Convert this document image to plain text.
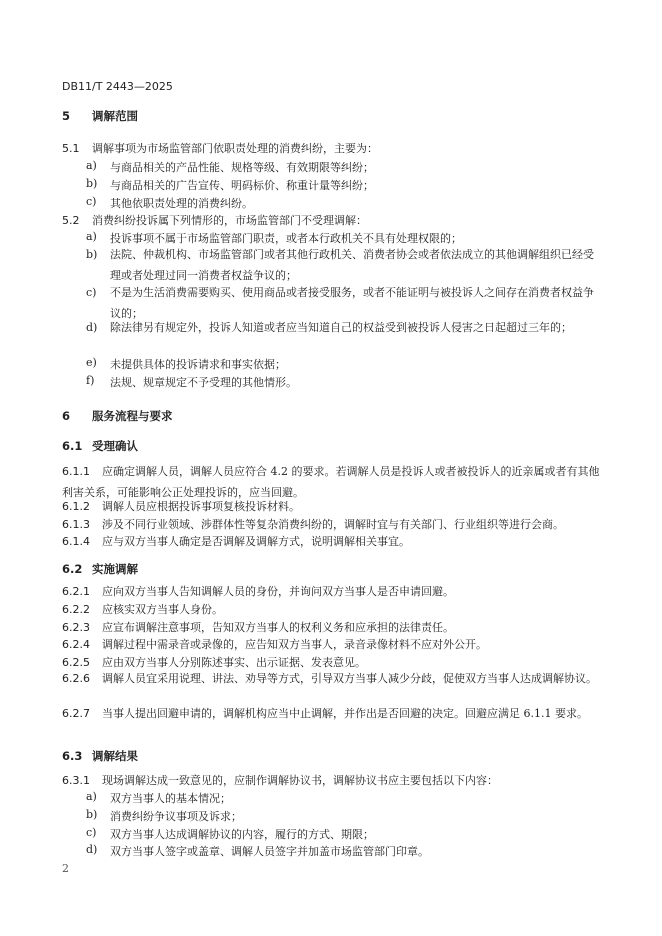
DB11/T 2443—2025
5 调解范围
5.1 调解事项为市场监管部门依职责处理的消费纠纷，主要为：
a) 与商品相关的产品性能、规格等级、有效期限等纠纷；
b) 与商品相关的广告宣传、明码标价、称重计量等纠纷；
c) 其他依职责处理的消费纠纷。
5.2 消费纠纷投诉属下列情形的，市场监管部门不受理调解：
a) 投诉事项不属于市场监管部门职责，或者本行政机关不具有处理权限的；
b) 法院、仲裁机构、市场监管部门或者其他行政机关、消费者协会或者依法成立的其他调解组织已经受理或者处理过同一消费者权益争议的；
c) 不是为生活消费需要购买、使用商品或者接受服务，或者不能证明与被投诉人之间存在消费者权益争议的；
d) 除法律另有规定外，投诉人知道或者应当知道自己的权益受到被投诉人侵害之日起超过三年的；
e) 未提供具体的投诉请求和事实依据；
f) 法规、规章规定不予受理的其他情形。
6 服务流程与要求
6.1 受理确认
6.1.1 应确定调解人员，调解人员应符合 4.2 的要求。若调解人员是投诉人或者被投诉人的近亲属或者有其他利害关系，可能影响公正处理投诉的，应当回避。
6.1.2 调解人员应根据投诉事项复核投诉材料。
6.1.3 涉及不同行业领域、涉群体性等复杂消费纠纷的，调解时宜与有关部门、行业组织等进行会商。
6.1.4 应与双方当事人确定是否调解及调解方式，说明调解相关事宜。
6.2 实施调解
6.2.1 应向双方当事人告知调解人员的身份，并询问双方当事人是否申请回避。
6.2.2 应核实双方当事人身份。
6.2.3 应宣布调解注意事项，告知双方当事人的权利义务和应承担的法律责任。
6.2.4 调解过程中需录音或录像的，应告知双方当事人，录音录像材料不应对外公开。
6.2.5 应由双方当事人分别陈述事实、出示证据、发表意见。
6.2.6 调解人员宜采用说理、讲法、劝导等方式，引导双方当事人减少分歧，促使双方当事人达成调解协议。
6.2.7 当事人提出回避申请的，调解机构应当中止调解，并作出是否回避的决定。回避应满足 6.1.1 要求。
6.3 调解结果
6.3.1 现场调解达成一致意见的，应制作调解协议书，调解协议书应主要包括以下内容：
a) 双方当事人的基本情况；
b) 消费纠纷争议事项及诉求；
c) 双方当事人达成调解协议的内容，履行的方式、期限；
d) 双方当事人签字或盖章、调解人员签字并加盖市场监管部门印章。
2
